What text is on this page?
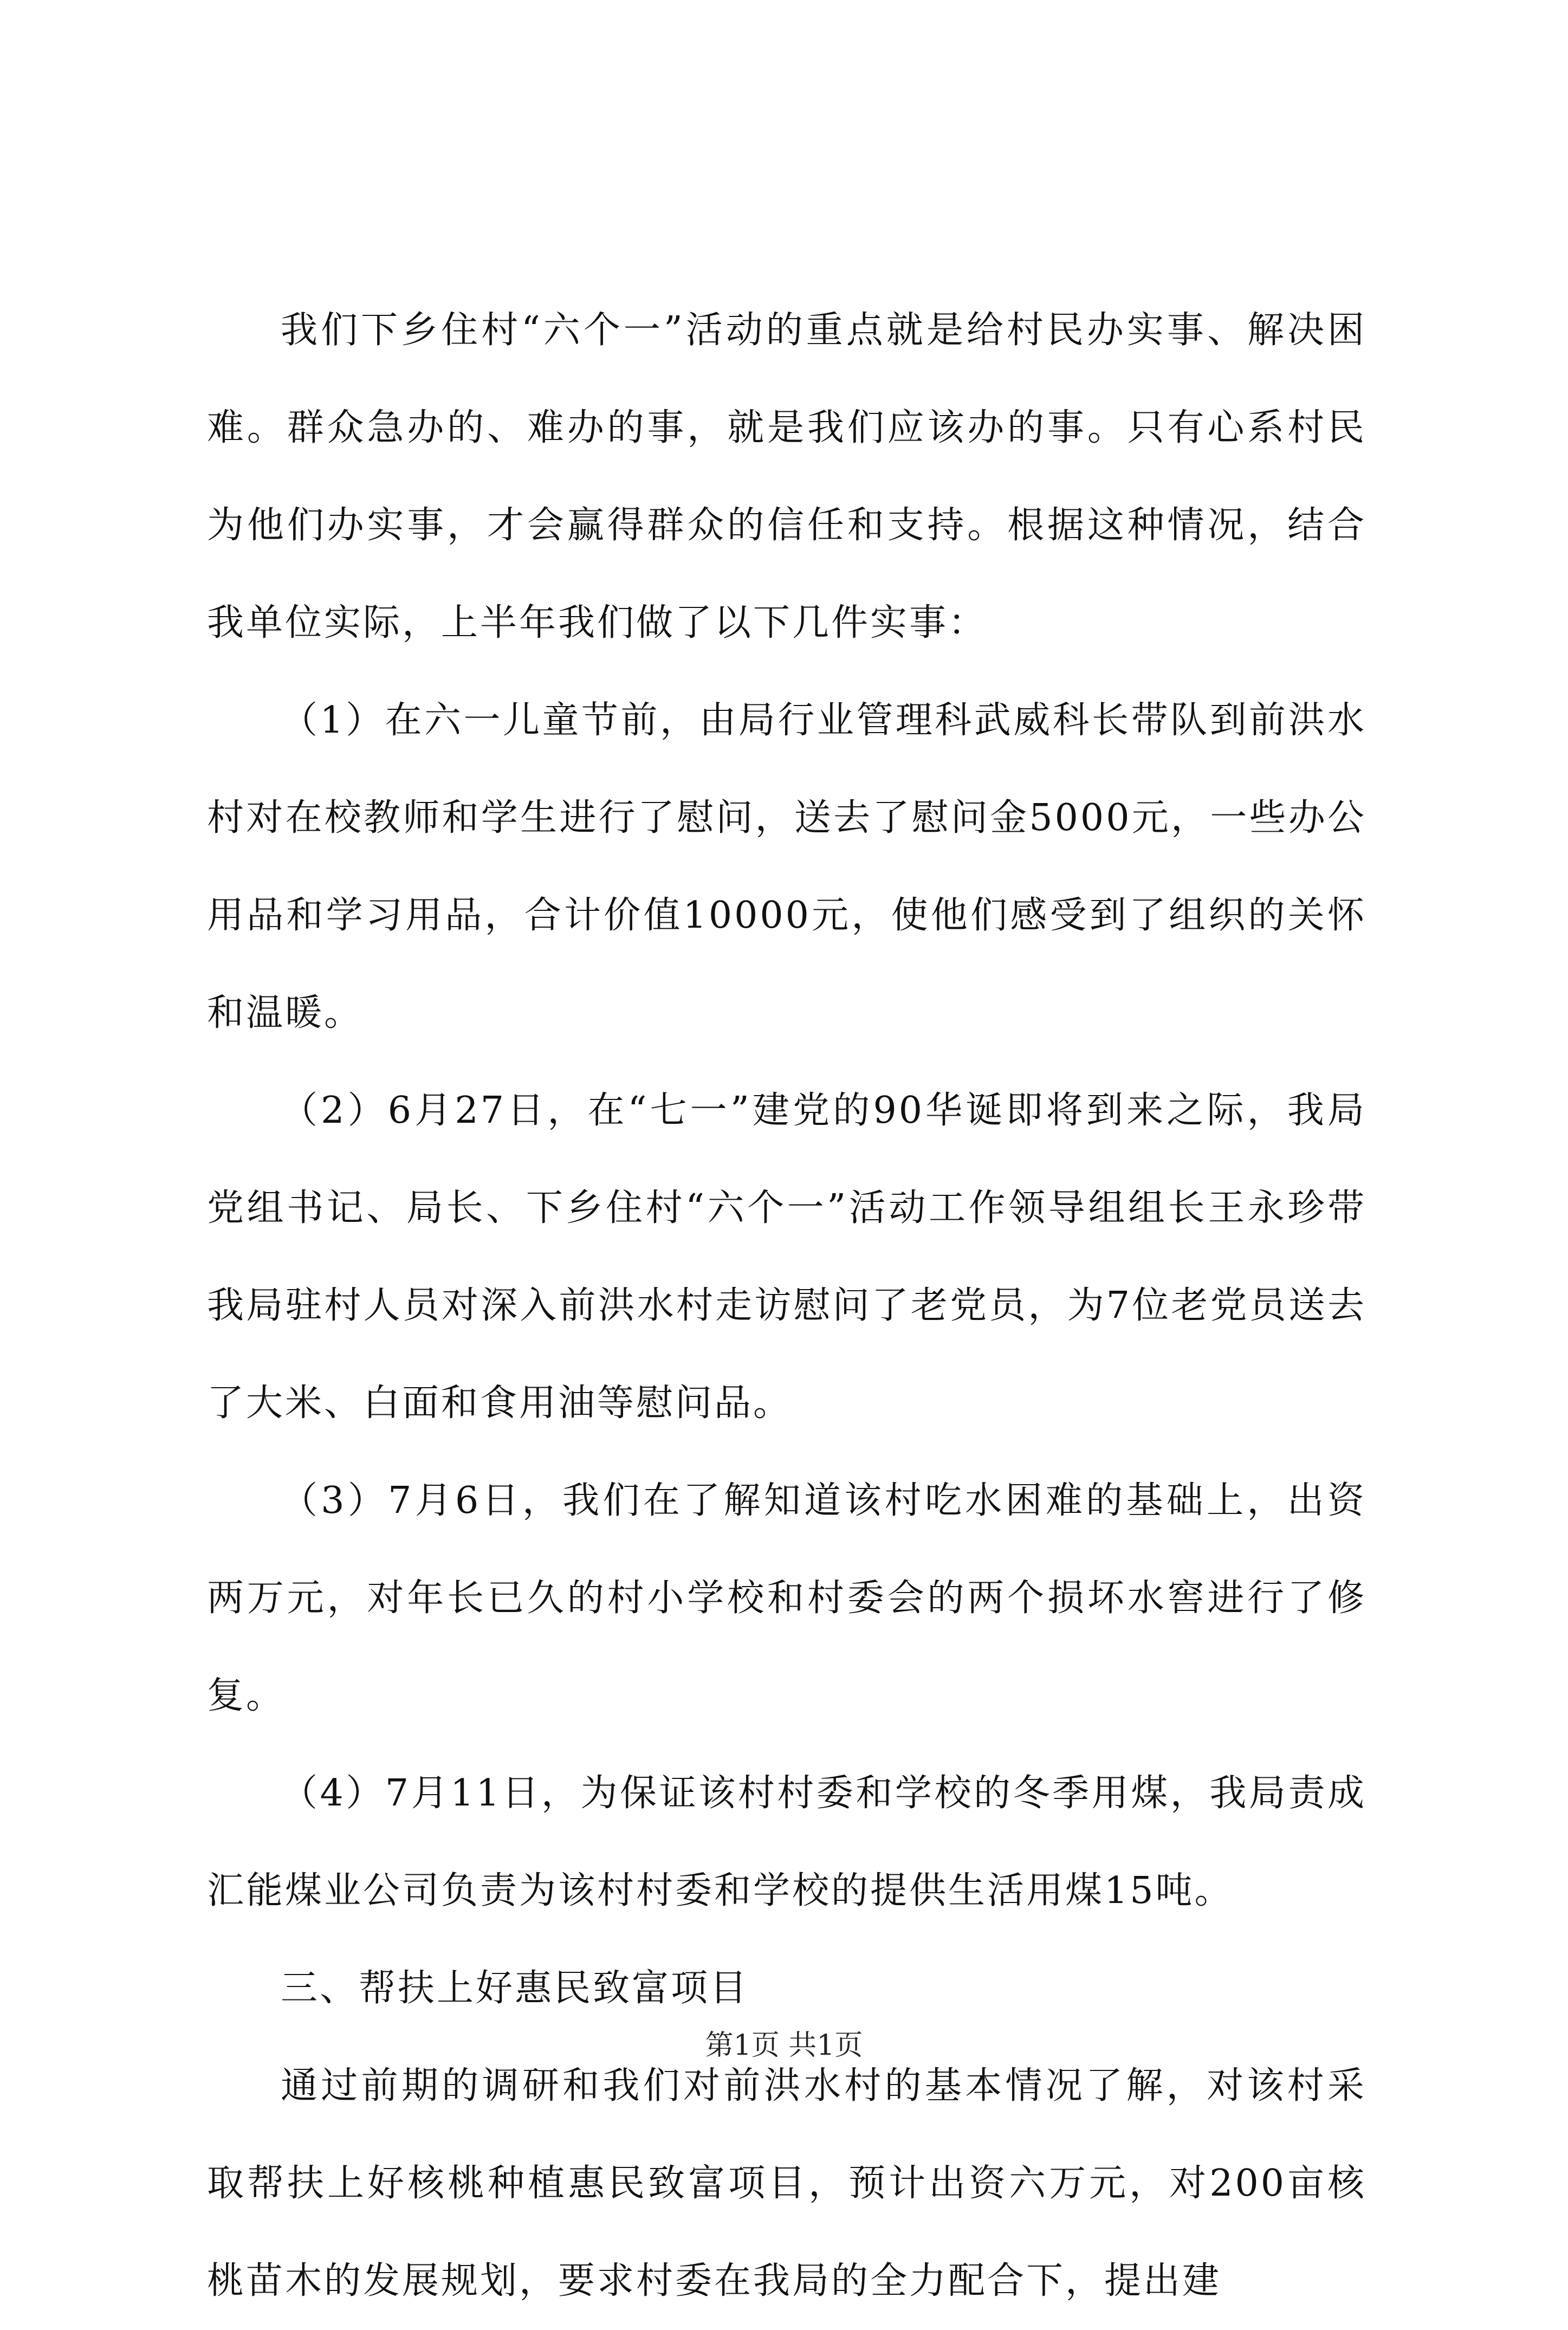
我们下乡住村“六个一”活动的重点就是给村民办实事、解决困难。群众急办的、难办的事，就是我们应该办的事。只有心系村民为他们办实事，才会赢得群众的信任和支持。根据这种情况，结合我单位实际，上半年我们做了以下几件实事：

（1）在六一儿童节前，由局行业管理科武威科长带队到前洪水村对在校教师和学生进行了慰问，送去了慰问金5000元，一些办公用品和学习用品，合计价值10000元，使他们感受到了组织的关怀和温暖。

（2）6月27日，在“七一”建党的90华诞即将到来之际，我局党组书记、局长、下乡住村“六个一”活动工作领导组组长王永珍带我局驻村人员对深入前洪水村走访慰问了老党员，为7位老党员送去了大米、白面和食用油等慰问品。

（3）7月6日，我们在了解知道该村吃水困难的基础上，出资两万元，对年长已久的村小学校和村委会的两个损坏水窖进行了修复。

（4）7月11日，为保证该村村委和学校的冬季用煤，我局责成汇能煤业公司负责为该村村委和学校的提供生活用煤15吨。

三、帮扶上好惠民致富项目

通过前期的调研和我们对前洪水村的基本情况了解，对该村采取帮扶上好核桃种植惠民致富项目，预计出资六万元，对200亩核桃苗木的发展规划，要求村委在我局的全力配合下，提出建

第1页 共1页
